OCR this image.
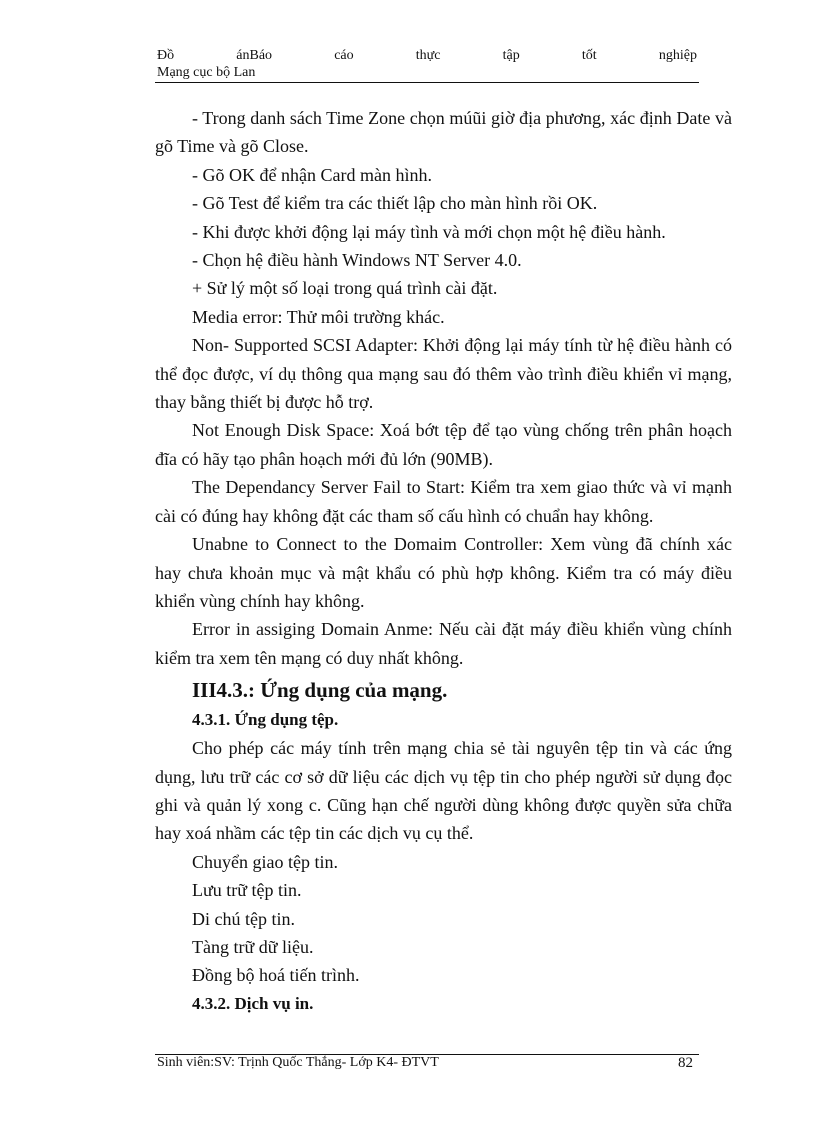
Đồ	ánBáo	cáo	thực	tập	tốt	nghiệp
Mạng cục bộ Lan

- Trong danh sách Time Zone chọn múũi giờ địa phương, xác định Date và gõ Time và gõ Close.

- Gõ OK để nhận Card màn hình.

- Gõ Test để kiểm tra các thiết lập cho màn hình rồi OK.

- Khi được khởi động lại máy tình và mới chọn một hệ điều hành.

- Chọn hệ điều hành Windows NT Server 4.0.

+ Sử lý một số loại trong quá trình cài đặt.

Media error: Thử môi trường khác.

Non- Supported SCSI Adapter: Khởi động lại máy tính từ hệ điều hành có thể đọc được, ví dụ thông qua mạng sau đó thêm vào trình điều khiển vỉ mạng, thay bằng thiết bị được hỗ trợ.

Not Enough Disk Space: Xoá bớt tệp để tạo vùng chống trên phân hoạch đĩa có hãy tạo phân hoạch mới đủ lớn (90MB).

The Dependancy Server Fail to Start: Kiểm tra xem giao thức và vỉ mạnh cài có đúng hay không đặt các tham số cấu hình có chuẩn hay không.

Unabne to Connect to the Domaim Controller: Xem vùng đã chính xác hay chưa khoản mục và mật khẩu có phù hợp không. Kiểm tra có máy điều khiển vùng chính hay không.

Error in assiging Domain Anme: Nếu cài đặt máy điều khiển vùng chính kiểm tra xem tên mạng có duy nhất không.

III4.3.: Ứng dụng của mạng.
4.3.1. Ứng dụng tệp.

Cho phép các máy tính trên mạng chia sẻ tài nguyên tệp tin và các ứng dụng, lưu trữ các cơ sở dữ liệu các dịch vụ tệp tin cho phép người sử dụng đọc ghi và quản lý xong c. Cũng hạn chế người dùng không được quyền sửa chữa hay xoá nhầm các tệp tin các dịch vụ cụ thể.

Chuyển giao tệp tin.

Lưu trữ tệp tin.

Di chú tệp tin.

Tàng trữ dữ liệu.

Đồng bộ hoá tiến trình.

4.3.2. Dịch vụ in.
Sinh viên:SV: Trịnh Quốc Thắng- Lớp K4- ĐTVT	82
